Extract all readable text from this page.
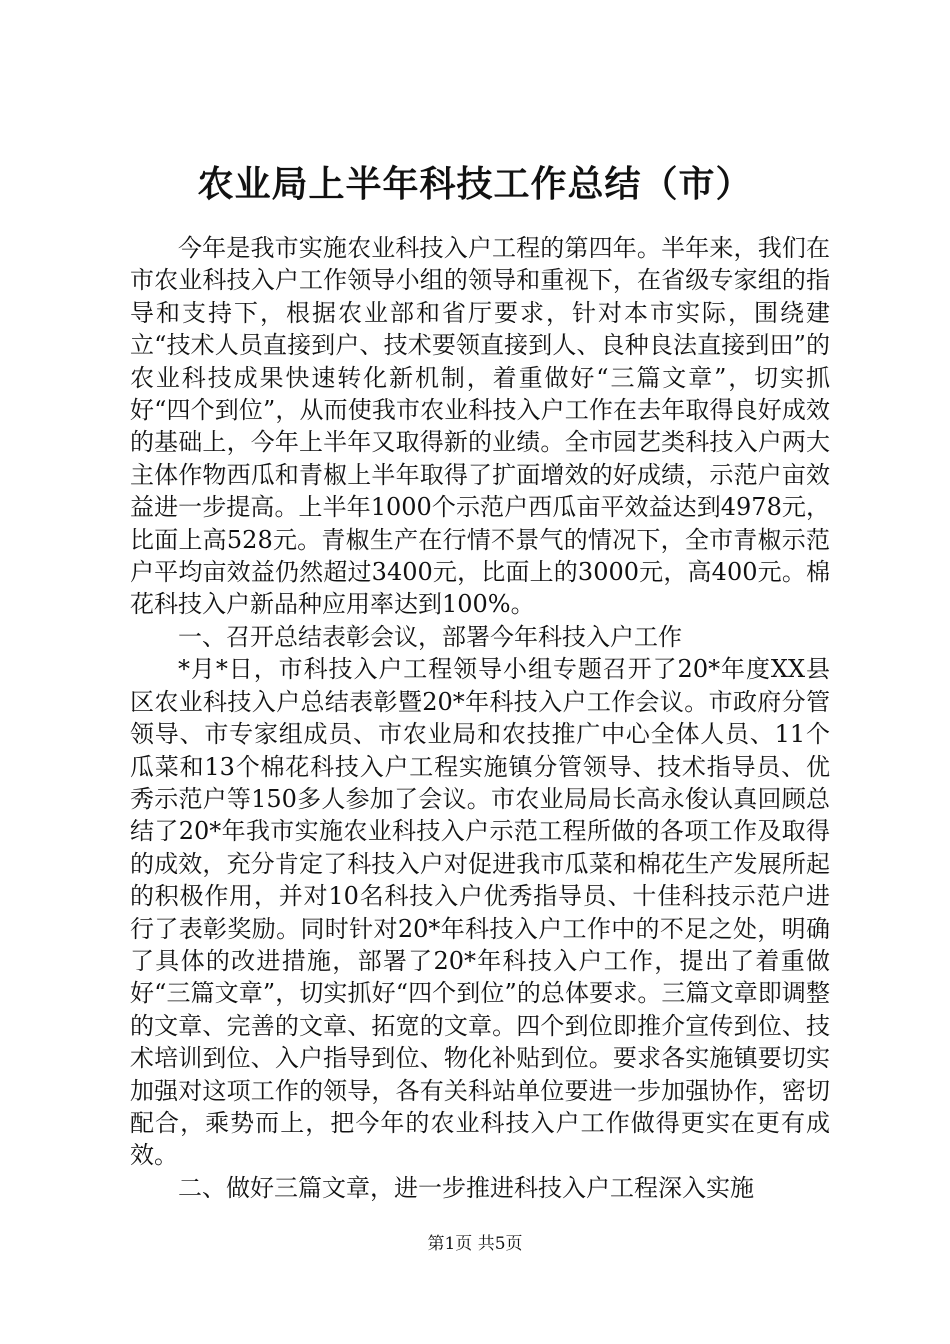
农业局上半年科技工作总结（市）

今年是我市实施农业科技入户工程的第四年。半年来，我们在市农业科技入户工作领导小组的领导和重视下，在省级专家组的指导和支持下，根据农业部和省厅要求，针对本市实际，围绕建立“技术人员直接到户、技术要领直接到人、良种良法直接到田”的农业科技成果快速转化新机制，着重做好“三篇文章”，切实抓好“四个到位”，从而使我市农业科技入户工作在去年取得良好成效的基础上，今年上半年又取得新的业绩。全市园艺类科技入户两大主体作物西瓜和青椒上半年取得了扩面增效的好成绩，示范户亩效益进一步提高。上半年1000个示范户西瓜亩平效益达到4978元，比面上高528元。青椒生产在行情不景气的情况下，全市青椒示范户平均亩效益仍然超过3400元，比面上的3000元，高400元。棉花科技入户新品种应用率达到100%。

一、召开总结表彰会议，部署今年科技入户工作

*月*日，市科技入户工程领导小组专题召开了20*年度XX县区农业科技入户总结表彰暨20*年科技入户工作会议。市政府分管领导、市专家组成员、市农业局和农技推广中心全体人员、11个瓜菜和13个棉花科技入户工程实施镇分管领导、技术指导员、优秀示范户等150多人参加了会议。市农业局局长高永俊认真回顾总结了20*年我市实施农业科技入户示范工程所做的各项工作及取得的成效，充分肯定了科技入户对促进我市瓜菜和棉花生产发展所起的积极作用，并对10名科技入户优秀指导员、十佳科技示范户进行了表彰奖励。同时针对20*年科技入户工作中的不足之处，明确了具体的改进措施，部署了20*年科技入户工作，提出了着重做好“三篇文章”，切实抓好“四个到位”的总体要求。三篇文章即调整的文章、完善的文章、拓宽的文章。四个到位即推介宣传到位、技术培训到位、入户指导到位、物化补贴到位。要求各实施镇要切实加强对这项工作的领导，各有关科站单位要进一步加强协作，密切配合，乘势而上，把今年的农业科技入户工作做得更实在更有成效。

二、做好三篇文章，进一步推进科技入户工程深入实施

第1页 共5页
